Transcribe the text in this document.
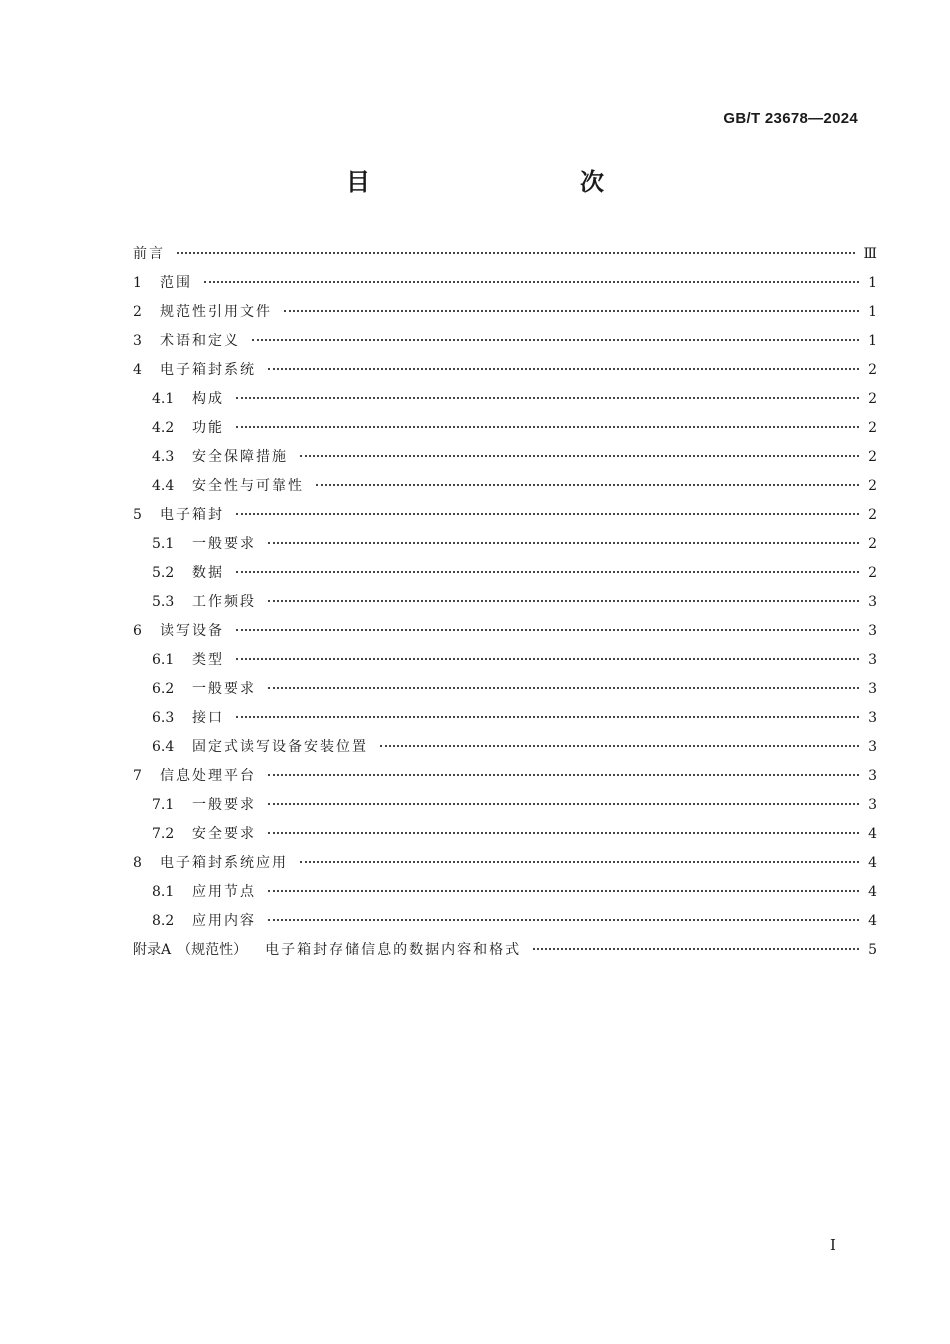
GB/T 23678—2024
目　　次
前言	Ⅲ
1	范围	1
2	规范性引用文件	1
3	术语和定义	1
4	电子箱封系统	2
4.1	构成	2
4.2	功能	2
4.3	安全保障措施	2
4.4	安全性与可靠性	2
5	电子箱封	2
5.1	一般要求	2
5.2	数据	2
5.3	工作频段	3
6	读写设备	3
6.1	类型	3
6.2	一般要求	3
6.3	接口	3
6.4	固定式读写设备安装位置	3
7	信息处理平台	3
7.1	一般要求	3
7.2	安全要求	4
8	电子箱封系统应用	4
8.1	应用节点	4
8.2	应用内容	4
附录A （规范性） 电子箱封存储信息的数据内容和格式	5
Ⅰ
